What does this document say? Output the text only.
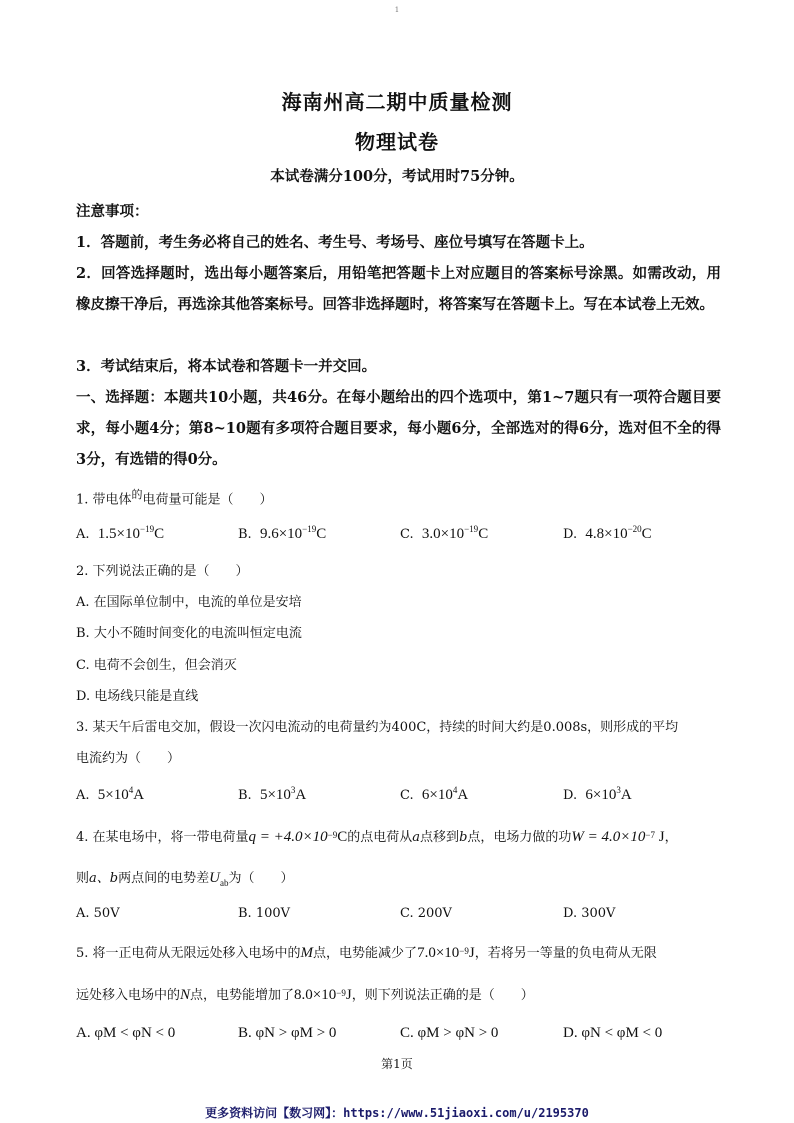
1
海南州高二期中质量检测
物理试卷
本试卷满分100分，考试用时75分钟。
注意事项：
1．答题前，考生务必将自己的姓名、考生号、考场号、座位号填写在答题卡上。
2．回答选择题时，选出每小题答案后，用铅笔把答题卡上对应题目的答案标号涂黑。如需改动，用橡皮擦干净后，再选涂其他答案标号。回答非选择题时，将答案写在答题卡上。写在本试卷上无效。
3．考试结束后，将本试卷和答题卡一并交回。
一、选择题：本题共10小题，共46分。在每小题给出的四个选项中，第1~7题只有一项符合题目要求，每小题4分；第8~10题有多项符合题目要求，每小题6分，全部选对的得6分，选对但不全的得3分，有选错的得0分。
1. 带电体$^的$电荷量可能是（　　）
A. $1.5\times 10^{-19}C$	B. $9.6\times 10^{-19}C$	C. $3.0\times 10^{-19}C$	D. $4.8\times 10^{-20}C$
2. 下列说法正确的是（　　）
A. 在国际单位制中，电流的单位是安培
B. 大小不随时间变化的电流叫恒定电流
C. 电荷不会创生，但会消灭
D. 电场线只能是直线
3. 某天午后雷电交加，假设一次闪电流动的电荷量约为400C，持续的时间大约是0.008s，则形成的平均
电流约为（　　）
A. $5\times 10^4A$	B. $5\times 10^3A$	C. $6\times 10^4A$	D. $6\times 10^3A$
4. 在某电场中，将一带电荷量$q = +4.0\times 10^{-9}C$的点电荷从a点移到b点，电场力做的功$W = 4.0\times 10^{-7}$ J，
则a、b两点间的电势差$U_{ab}$为（　　）
A. 50V	B. 100V	C. 200V	D. 300V
5. 将一正电荷从无限远处移入电场中的M点，电势能减少了$7.0\times 10^{-9}J$，若将另一等量的负电荷从无限
远处移入电场中的N点，电势能增加了$8.0\times 10^{-9}J$，则下列说法正确的是（　　）
A. φM < φN < 0	B. φN > φM > 0	C. φM > φN > 0	D. φN < φM < 0
第1页
更多资料访问【数习网】：https://www.51jiaoxi.com/u/2195370
